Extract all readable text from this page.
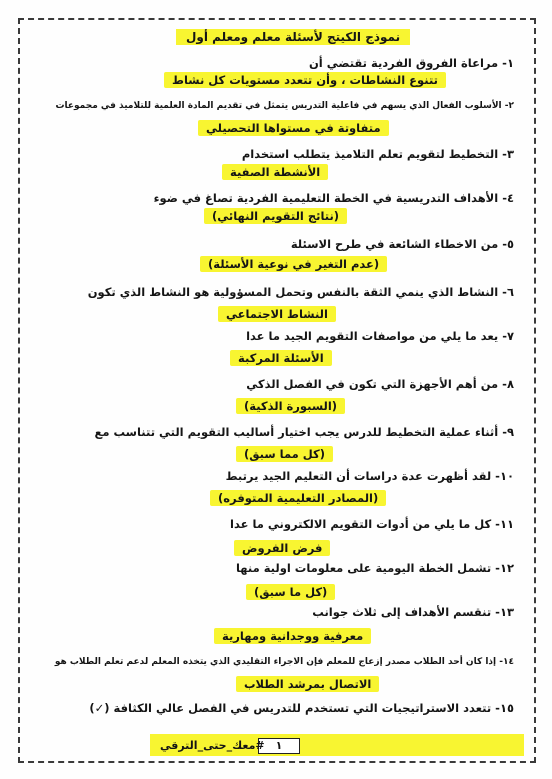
نموذج الكيتج لأسئلة معلم ومعلم أول
١- مراعاة الفروق الفردية تقتضي أن
تتنوع النشاطات ، وأن تتعدد مستويات كل نشاط
٢- الأسلوب الفعال الذي يسهم في فاعلية التدريس يتمثل في تقديم المادة العلمية للتلاميذ في مجموعات
متفاوتة في مستواها التحصيلي
٣- التخطيط لتقويم تعلم التلاميذ يتطلب استخدام
الأنشطة الصفية
٤- الأهداف التدريسية في الخطة التعليمية الفردية تصاغ في ضوء
(نتائج التقويم النهائي)
٥- من الاخطاء الشائعة في طرح الاسئلة
(عدم التغير في نوعية الأسئلة)
٦- النشاط الذي ينمي الثقة بالنفس وتحمل المسؤولية هو النشاط الذي تكون
النشاط الاجتماعي
٧- يعد ما يلي من مواصفات التقويم الجيد ما عدا
الأسئلة المركبة
٨- من أهم الأجهزة التي تكون في الفصل الذكي
(السبورة الذكية)
٩- أثناء عملية التخطيط للدرس يجب اختيار أساليب التقويم التي تتناسب مع
(كل مما سبق)
١٠- لقد أظهرت عدة دراسات أن التعليم الجيد يرتبط
(المصادر التعليمية المتوفره)
١١- كل ما يلي من أدوات التقويم الالكتروني ما عدا
فرض الفروض
١٢- تشمل الخطة اليومية على معلومات اولية منها
(كل ما سبق)
١٣- تنقسم الأهداف إلى ثلاث جوانب
معرفية ووجدانية ومهارية
١٤- إذا كان أحد الطلاب مصدر إزعاج للمعلم فإن الاجراء التقليدي الذي يتخذه المعلم لدعم تعلم الطلاب هو
الاتصال بمرشد الطلاب
١٥- تتعدد الاستراتيجيات التي تستخدم للتدريس في الفصل عالي الكثافة (✓)
١
#معك_حتى_الترقي
